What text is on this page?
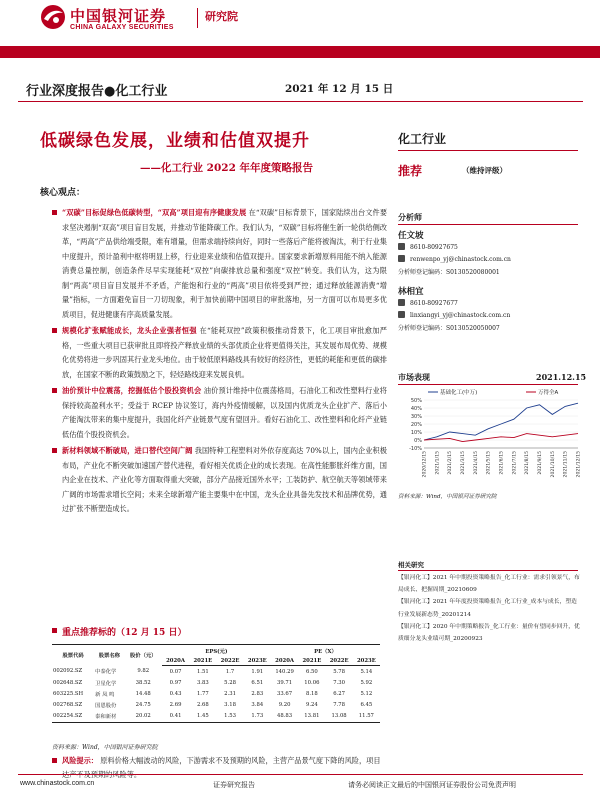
中国银河证券
CHINA GALAXY SECURITIES
研究院
行业深度报告●化工行业	2021 年 12 月 15 日
低碳绿色发展，业绩和估值双提升
——化工行业 2022 年年度策略报告
核心观点：

“双碳”目标促绿色低碳转型，“双高”项目迎有序健康发展 在“双碳”目标背景下，国家陆续出台文件要求坚决遏制“双高”项目盲目发展，并推动节能降碳工作。我们认为，“双碳”目标将催生新一轮供给侧改革，“两高”产品供给端受限，难有增量，但需求端持续向好，同时一些落后产能将被淘汰，利于行业集中度提升，预计盈利中枢将明显上移，行业迎来业绩和估值双提升。国家要求新增原料用能不纳入能源消费总量控制，创造条件尽早实现能耗“双控”向碳排放总量和强度“双控”转变。我们认为，这为限制“两高”项目盲目发展并不矛盾，产能饱和行业的“两高”项目依将受到严控；通过释放能源消费“增量”指标，一方面避免盲目一刀切现象，利于加快前期中国项目的审批落地，另一方面可以布局更多优质项目，促进健康有序高质量发展。

规模化扩张赋能成长，龙头企业强者恒强 在“能耗双控”政策积极推动背景下，化工项目审批愈加严格，一些重大项目已获审批且即将投产释放业绩的头部优质企业将更值得关注，其发展布局优势、规模化优势将进一步巩固其行业龙头地位。由于较低原料路线具有较好的经济性，更低的耗能和更低的碳排放，在国家不断的政策鼓励之下，轻烃路线迎来发展良机。

油价预计中位震荡，挖掘低估个股投资机会 油价预计维持中位震荡格局，石油化工和改性塑料行业将保持较高盈利水平；受益于 RCEP 协议签订，海内外疫情缓解，以及国内优质龙头企业扩产、落后小产能淘汰带来的集中度提升，我国化纤产业链景气度有望回升。看好石油化工、改性塑料和化纤产业链低估值个股投资机会。

新材料领域不断破局，进口替代空间广阔 我国特种工程塑料对外依存度高达 70%以上，国内企业积极布局，产业化不断突破加速国产替代进程，看好相关优质企业的成长表现。在高性能膨胀纤维方面，国内企业在技术、产业化等方面取得重大突破，部分产品接近国外水平；工装防护、航空航天等领域带来广阔的市场需求增长空间；未来全球新增产能主要集中在中国，龙头企业具备先发技术和品牌优势，通过扩张不断塑造成长。

重点推荐标的（12 月 15 日）
股票代码	股票名称	股价（元）	EPS(元)				PE（X）			
			2020A	2021E	2022E	2023E	2020A	2021E	2022E	2023E
002092.SZ	中泰化学	9.82	0.07	1.51	1.7	1.91	140.29	6.50	5.78	5.14
002648.SZ	卫星化学	38.52	0.97	3.83	5.28	6.51	39.71	10.06	7.30	5.92
603225.SH	新 凤 鸣	14.48	0.43	1.77	2.31	2.83	33.67	8.18	6.27	5.12
002768.SZ	国恩股份	24.75	2.69	2.68	3.18	3.84	9.20	9.24	7.78	6.45
002254.SZ	泰和新材	20.02	0.41	1.45	1.53	1.73	48.83	13.81	13.08	11.57
资料来源：Wind，中国银河证券研究院
风险提示： 原料价格大幅波动的风险，下游需求不及预期的风险，主营产品景气度下降的风险，项目
化工行业
推荐	（维持评级）
分析师
任文坡
8610-80927675
renwenpo_yj@chinastock.com.cn
分析师登记编码：S0130520080001
林相宜
8610-80927677
linxiangyi_yj@chinastock.com.cn
分析师登记编码：S0130520050007
市场表现	2021.12.15
-10%
0%
10%
20%
30%
40%
50%
2020/12/15 2021/1/15 2021/2/15 2021/3/15 2021/4/15 2021/5/15 2021/6/15 2021/7/15 2021/8/15 2021/9/15 2021/10/15 2021/11/15 2021/12/15
基础化工(中万)	万得全A
资料来源：Wind，中国银河证券研究院
相关研究
【银河化工】2021 年中期投资策略报告_化工行业：需求引领景气，布局成长、把握周期_20210609
【银河化工】2021 年年度投资策略报告_化工行业_成本与成长，塑造行业发展新态势_20201214
【银河化工】2020 年中期策略报告_化工行业：量价有望同步回升，优质细分龙头业绩可期_20200923
www.chinastock.com.cn	证券研究报告	请务必阅读正文最后的中国银河证券股份公司免责声明
